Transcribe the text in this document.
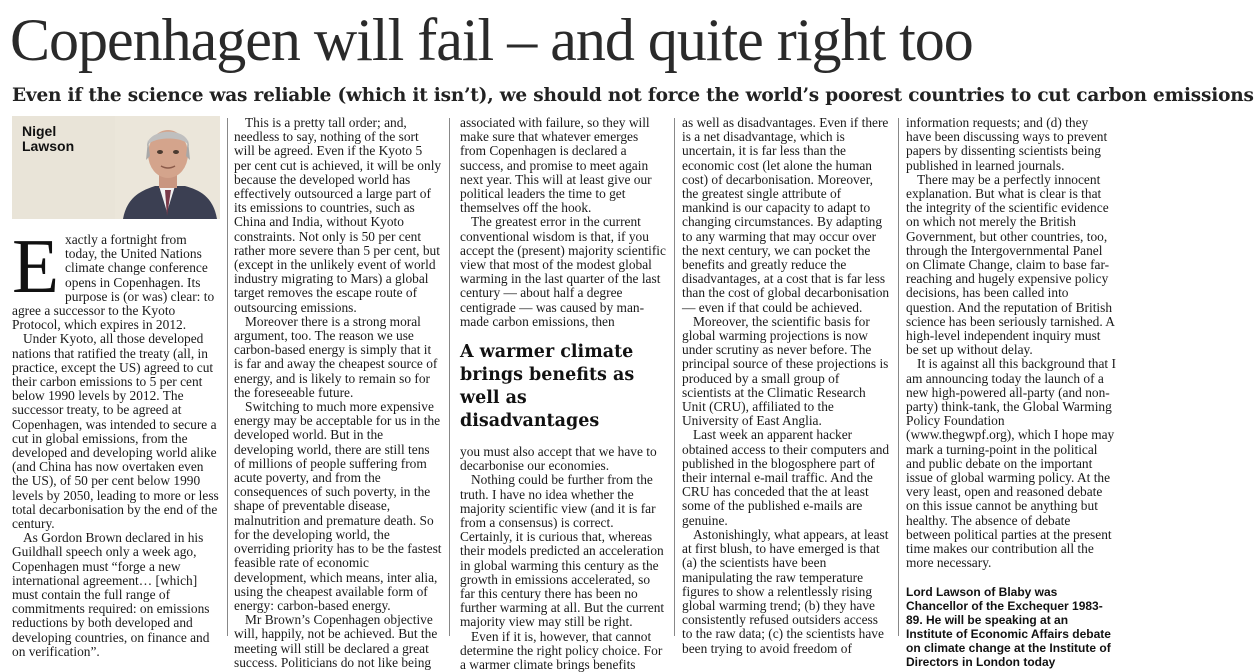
Copenhagen will fail – and quite right too
Even if the science was reliable (which it isn’t), we should not force the world’s poorest countries to cut carbon emissions
Nigel
Lawson
E xactly a fortnight from today, the United Nations climate change conference opens in Copenhagen. Its purpose is (or was) clear: to agree a successor to the Kyoto Protocol, which expires in 2012.

Under Kyoto, all those developed nations that ratified the treaty (all, in practice, except the US) agreed to cut their carbon emissions to 5 per cent below 1990 levels by 2012. The successor treaty, to be agreed at Copenhagen, was intended to secure a cut in global emissions, from the developed and developing world alike (and China has now overtaken even the US), of 50 per cent below 1990 levels by 2050, leading to more or less total decarbonisation by the end of the century.

As Gordon Brown declared in his Guildhall speech only a week ago, Copenhagen must “forge a new international agreement… [which] must contain the full range of commitments required: on emissions reductions by both developed and developing countries, on finance and on verification”.

This is a pretty tall order; and, needless to say, nothing of the sort will be agreed. Even if the Kyoto 5 per cent cut is achieved, it will be only because the developed world has effectively outsourced a large part of its emissions to countries, such as China and India, without Kyoto constraints. Not only is 50 per cent rather more severe than 5 per cent, but (except in the unlikely event of world industry migrating to Mars) a global target removes the escape route of outsourcing emissions.

Moreover there is a strong moral argument, too. The reason we use carbon-based energy is simply that it is far and away the cheapest source of energy, and is likely to remain so for the foreseeable future.

Switching to much more expensive energy may be acceptable for us in the developed world. But in the developing world, there are still tens of millions of people suffering from acute poverty, and from the consequences of such poverty, in the shape of preventable disease, malnutrition and premature death. So for the developing world, the overriding priority has to be the fastest feasible rate of economic development, which means, inter alia, using the cheapest available form of energy: carbon-based energy.

Mr Brown’s Copenhagen objective will, happily, not be achieved. But the meeting will still be declared a great success. Politicians do not like being

associated with failure, so they will make sure that whatever emerges from Copenhagen is declared a success, and promise to meet again next year. This will at least give our political leaders the time to get themselves off the hook.

The greatest error in the current conventional wisdom is that, if you accept the (present) majority scientific view that most of the modest global warming in the last quarter of the last century — about half a degree centigrade — was caused by man-made carbon emissions, then

A warmer climate brings benefits as well as disadvantages

you must also accept that we have to decarbonise our economies.

Nothing could be further from the truth. I have no idea whether the majority scientific view (and it is far from a consensus) is correct. Certainly, it is curious that, whereas their models predicted an acceleration in global warming this century as the growth in emissions accelerated, so far this century there has been no further warming at all. But the current majority view may still be right.

Even if it is, however, that cannot determine the right policy choice. For a warmer climate brings benefits

as well as disadvantages. Even if there is a net disadvantage, which is uncertain, it is far less than the economic cost (let alone the human cost) of decarbonisation. Moreover, the greatest single attribute of mankind is our capacity to adapt to changing circumstances. By adapting to any warming that may occur over the next century, we can pocket the benefits and greatly reduce the disadvantages, at a cost that is far less than the cost of global decarbonisation — even if that could be achieved.

Moreover, the scientific basis for global warming projections is now under scrutiny as never before. The principal source of these projections is produced by a small group of scientists at the Climatic Research Unit (CRU), affiliated to the University of East Anglia.

Last week an apparent hacker obtained access to their computers and published in the blogosphere part of their internal e-mail traffic. And the CRU has conceded that the at least some of the published e-mails are genuine.

Astonishingly, what appears, at least at first blush, to have emerged is that (a) the scientists have been manipulating the raw temperature figures to show a relentlessly rising global warming trend; (b) they have consistently refused outsiders access to the raw data; (c) the scientists have been trying to avoid freedom of

information requests; and (d) they have been discussing ways to prevent papers by dissenting scientists being published in learned journals.

There may be a perfectly innocent explanation. But what is clear is that the integrity of the scientific evidence on which not merely the British Government, but other countries, too, through the Intergovernmental Panel on Climate Change, claim to base far-reaching and hugely expensive policy decisions, has been called into question. And the reputation of British science has been seriously tarnished. A high-level independent inquiry must be set up without delay.

It is against all this background that I am announcing today the launch of a new high-powered all-party (and non-party) think-tank, the Global Warming Policy Foundation (www.thegwpf.org), which I hope may mark a turning-point in the political and public debate on the important issue of global warming policy. At the very least, open and reasoned debate on this issue cannot be anything but healthy. The absence of debate between political parties at the present time makes our contribution all the more necessary.

Lord Lawson of Blaby was Chancellor of the Exchequer 1983-89. He will be speaking at an Institute of Economic Affairs debate on climate change at the Institute of Directors in London today
